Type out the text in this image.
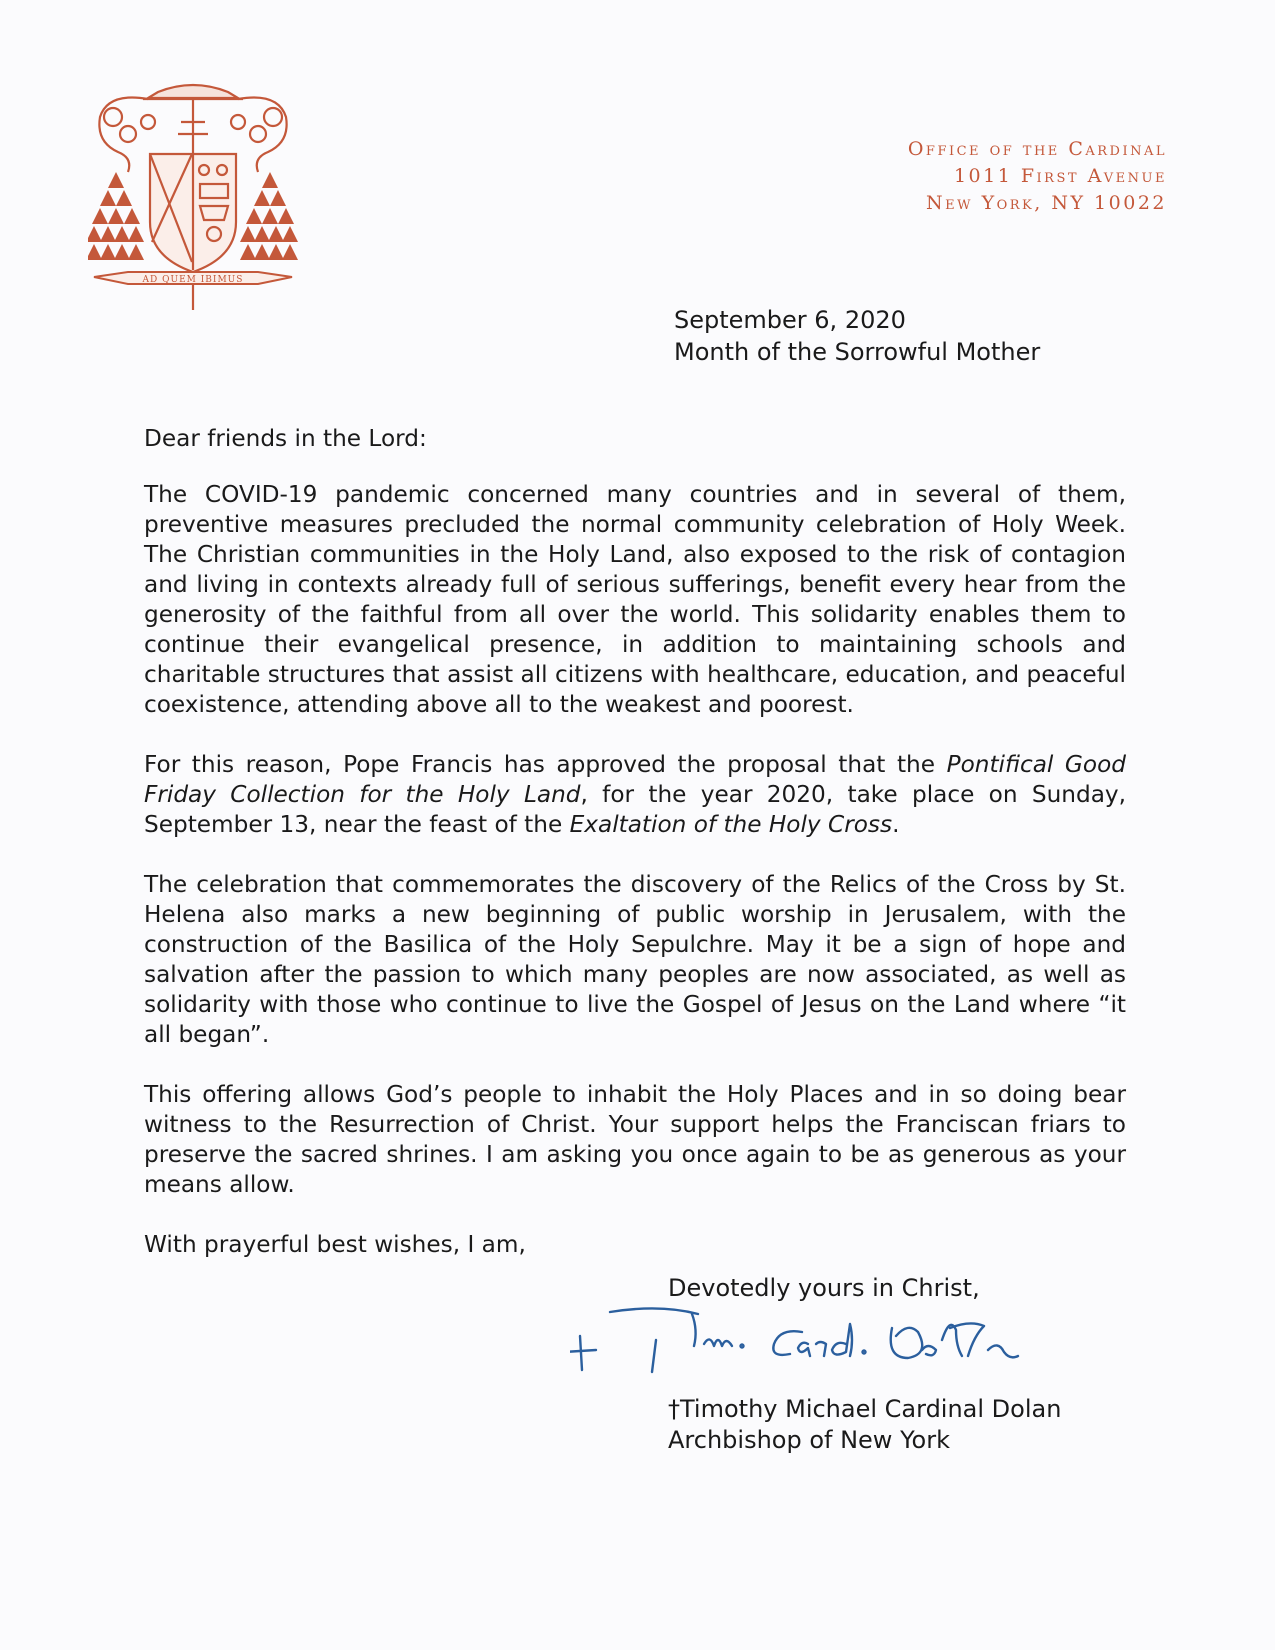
AD QUEM IBIMUS
Office of the Cardinal
1011 First Avenue
New York, NY 10022
September 6, 2020
Month of the Sorrowful Mother

Dear friends in the Lord:

The COVID-19 pandemic concerned many countries and in several of them, preventive measures precluded the normal community celebration of Holy Week. The Christian communities in the Holy Land, also exposed to the risk of contagion and living in contexts already full of serious sufferings, benefit every hear from the generosity of the faithful from all over the world. This solidarity enables them to continue their evangelical presence, in addition to maintaining schools and charitable structures that assist all citizens with healthcare, education, and peaceful coexistence, attending above all to the weakest and poorest.

For this reason, Pope Francis has approved the proposal that the Pontifical Good Friday Collection for the Holy Land, for the year 2020, take place on Sunday, September 13, near the feast of the Exaltation of the Holy Cross.

The celebration that commemorates the discovery of the Relics of the Cross by St. Helena also marks a new beginning of public worship in Jerusalem, with the construction of the Basilica of the Holy Sepulchre. May it be a sign of hope and salvation after the passion to which many peoples are now associated, as well as solidarity with those who continue to live the Gospel of Jesus on the Land where “it all began”.

This offering allows God’s people to inhabit the Holy Places and in so doing bear witness to the Resurrection of Christ. Your support helps the Franciscan friars to preserve the sacred shrines. I am asking you once again to be as generous as your means allow.

With prayerful best wishes, I am,

Devotedly yours in Christ,
†Timothy Michael Cardinal Dolan
Archbishop of New York
